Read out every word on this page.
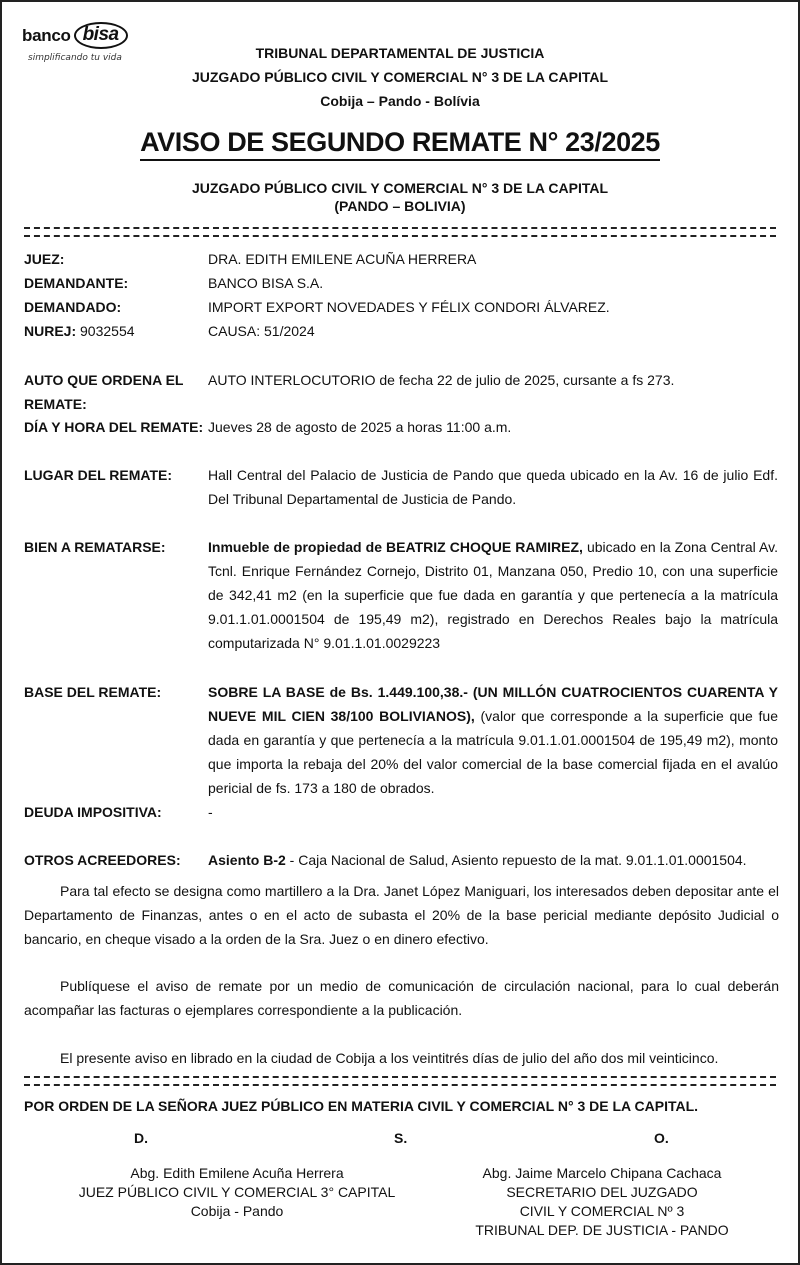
banco bisa
simplificando tu vida	TRIBUNAL DEPARTAMENTAL DE JUSTICIA
JUZGADO PÚBLICO CIVIL Y COMERCIAL N° 3 DE LA CAPITAL
Cobija – Pando - Bolívia
AVISO DE SEGUNDO REMATE N° 23/2025
JUZGADO PÚBLICO CIVIL Y COMERCIAL N° 3 DE LA CAPITAL
(PANDO – BOLIVIA)
JUEZ:	DRA. EDITH EMILENE ACUÑA HERRERA
DEMANDANTE:	BANCO BISA S.A.
DEMANDADO:	IMPORT EXPORT NOVEDADES Y FÉLIX CONDORI ÁLVAREZ.
NUREJ: 9032554	CAUSA: 51/2024
AUTO QUE ORDENA EL REMATE:
AUTO INTERLOCUTORIO de fecha 22 de julio de 2025, cursante a fs 273.
DÍA Y HORA DEL REMATE: Jueves 28 de agosto de 2025 a horas 11:00 a.m.
LUGAR DEL REMATE:	Hall Central del Palacio de Justicia de Pando que queda ubicado en la Av. 16 de julio Edf. Del Tribunal Departamental de Justicia de Pando.
BIEN A REMATARSE:	Inmueble de propiedad de BEATRIZ CHOQUE RAMIREZ, ubicado en la Zona Central Av. Tcnl. Enrique Fernández Cornejo, Distrito 01, Manzana 050, Predio 10, con una superficie de 342,41 m2 (en la superficie que fue dada en garantía y que pertenecía a la matrícula 9.01.1.01.0001504 de 195,49 m2), registrado en Derechos Reales bajo la matrícula computarizada N° 9.01.1.01.0029223
BASE DEL REMATE:	SOBRE LA BASE de Bs. 1.449.100,38.- (UN MILLÓN CUATROCIENTOS CUARENTA Y NUEVE MIL CIEN 38/100 BOLIVIANOS), (valor que corresponde a la superficie que fue dada en garantía y que pertenecía a la matrícula 9.01.1.01.0001504 de 195,49 m2), monto que importa la rebaja del 20% del valor comercial de la base comercial fijada en el avalúo pericial de fs. 173 a 180 de obrados.
DEUDA IMPOSITIVA:	-
OTROS ACREEDORES:	Asiento B-2 - Caja Nacional de Salud, Asiento repuesto de la mat. 9.01.1.01.0001504.
Para tal efecto se designa como martillero a la Dra. Janet López Maniguari, los interesados deben depositar ante el Departamento de Finanzas, antes o en el acto de subasta el 20% de la base pericial mediante depósito Judicial o bancario, en cheque visado a la orden de la Sra. Juez o en dinero efectivo.
Publíquese el aviso de remate por un medio de comunicación de circulación nacional, para lo cual deberán acompañar las facturas o ejemplares correspondiente a la publicación.
El presente aviso en librado en la ciudad de Cobija a los veintitrés días de julio del año dos mil veinticinco.
POR ORDEN DE LA SEÑORA JUEZ PÚBLICO EN MATERIA CIVIL Y COMERCIAL N° 3 DE LA CAPITAL.
D.	S.	O.
Abg. Edith Emilene Acuña Herrera
JUEZ PÚBLICO CIVIL Y COMERCIAL 3° CAPITAL
Cobija - Pando
Abg. Jaime Marcelo Chipana Cachaca
SECRETARIO DEL JUZGADO
CIVIL Y COMERCIAL Nº 3
TRIBUNAL DEP. DE JUSTICIA - PANDO
